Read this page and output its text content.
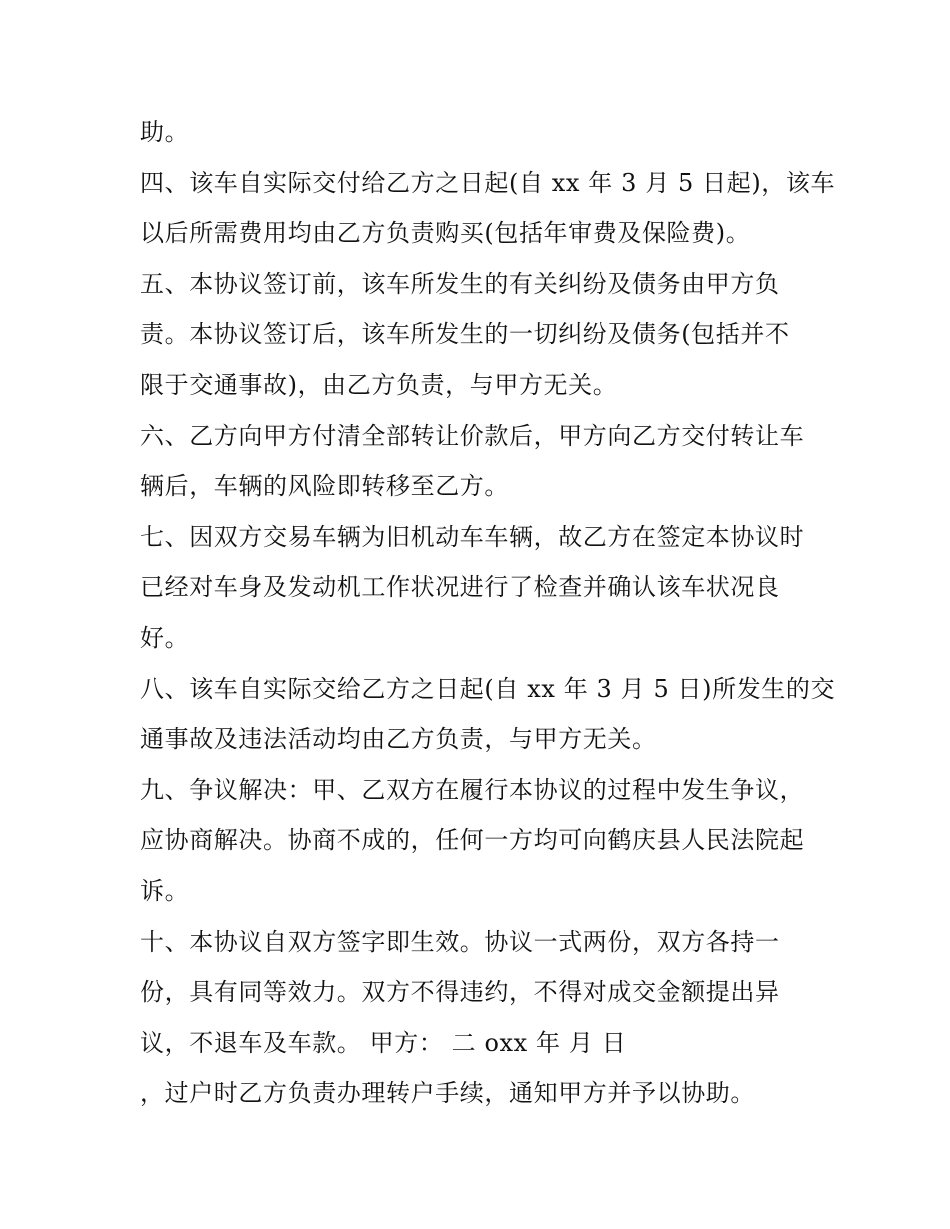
助。
四、该车自实际交付给乙方之日起(自 xx 年 3 月 5 日起)，该车
以后所需费用均由乙方负责购买(包括年审费及保险费)。
五、本协议签订前，该车所发生的有关纠纷及债务由甲方负
责。本协议签订后，该车所发生的一切纠纷及债务(包括并不
限于交通事故)，由乙方负责，与甲方无关。
六、乙方向甲方付清全部转让价款后，甲方向乙方交付转让车
辆后，车辆的风险即转移至乙方。
七、因双方交易车辆为旧机动车车辆，故乙方在签定本协议时
已经对车身及发动机工作状况进行了检查并确认该车状况良
好。
八、该车自实际交给乙方之日起(自 xx 年 3 月 5 日)所发生的交
通事故及违法活动均由乙方负责，与甲方无关。
九、争议解决：甲、乙双方在履行本协议的过程中发生争议，
应协商解决。协商不成的，任何一方均可向鹤庆县人民法院起
诉。
十、本协议自双方签字即生效。协议一式两份，双方各持一
份，具有同等效力。双方不得违约，不得对成交金额提出异
议，不退车及车款。 甲方： 二 oxx 年 月 日
，过户时乙方负责办理转户手续，通知甲方并予以协助。
